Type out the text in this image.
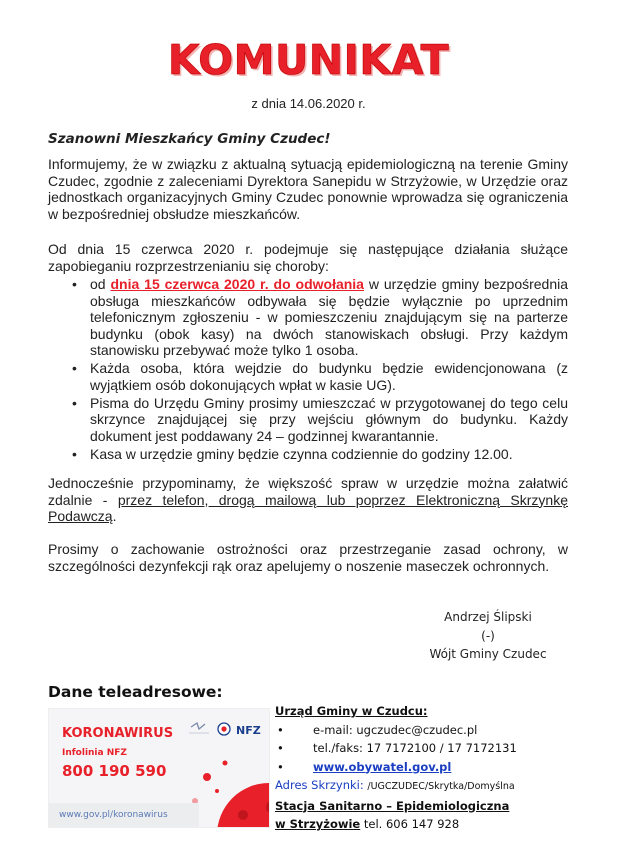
KOMUNIKAT
z dnia 14.06.2020 r.
Szanowni Mieszkańcy Gminy Czudec!

Informujemy, że w związku z aktualną sytuacją epidemiologiczną na terenie Gminy Czudec, zgodnie z zaleceniami Dyrektora Sanepidu w Strzyżowie, w Urzędzie oraz jednostkach organizacyjnych Gminy Czudec ponownie wprowadza się ograniczenia w bezpośredniej obsłudze mieszkańców.

Od dnia 15 czerwca 2020 r. podejmuje się następujące działania służące zapobieganiu rozprzestrzenianiu się choroby:

• od dnia 15 czerwca 2020 r. do odwołania w urzędzie gminy bezpośrednia obsługa mieszkańców odbywała się będzie wyłącznie po uprzednim telefonicznym zgłoszeniu - w pomieszczeniu znajdującym się na parterze budynku (obok kasy) na dwóch stanowiskach obsługi. Przy każdym stanowisku przebywać może tylko 1 osoba.
• Każda osoba, która wejdzie do budynku będzie ewidencjonowana (z wyjątkiem osób dokonujących wpłat w kasie UG).
• Pisma do Urzędu Gminy prosimy umieszczać w przygotowanej do tego celu skrzynce znajdującej się przy wejściu głównym do budynku. Każdy dokument jest poddawany 24 – godzinnej kwarantannie.
• Kasa w urzędzie gminy będzie czynna codziennie do godziny 12.00.

Jednocześnie przypominamy, że większość spraw w urzędzie można załatwić zdalnie - przez telefon, drogą mailową lub poprzez Elektroniczną Skrzynkę Podawczą.

Prosimy o zachowanie ostrożności oraz przestrzeganie zasad ochrony, w szczególności dezynfekcji rąk oraz apelujemy o noszenie maseczek ochronnych.

Andrzej Ślipski
(-)
Wójt Gminy Czudec
Dane teleadresowe:
KORONAWIRUS	NFZ
Infolinia NFZ
800 190 590
www.gov.pl/koronawirus
Urząd Gminy w Czudcu:
• e-mail: ugczudec@czudec.pl
• tel./faks: 17 7172100 / 17 7172131
• www.obywatel.gov.pl
Adres Skrzynki: /UGCZUDEC/Skrytka/Domyślna
Stacja Sanitarno – Epidemiologiczna
w Strzyżowie tel. 606 147 928
